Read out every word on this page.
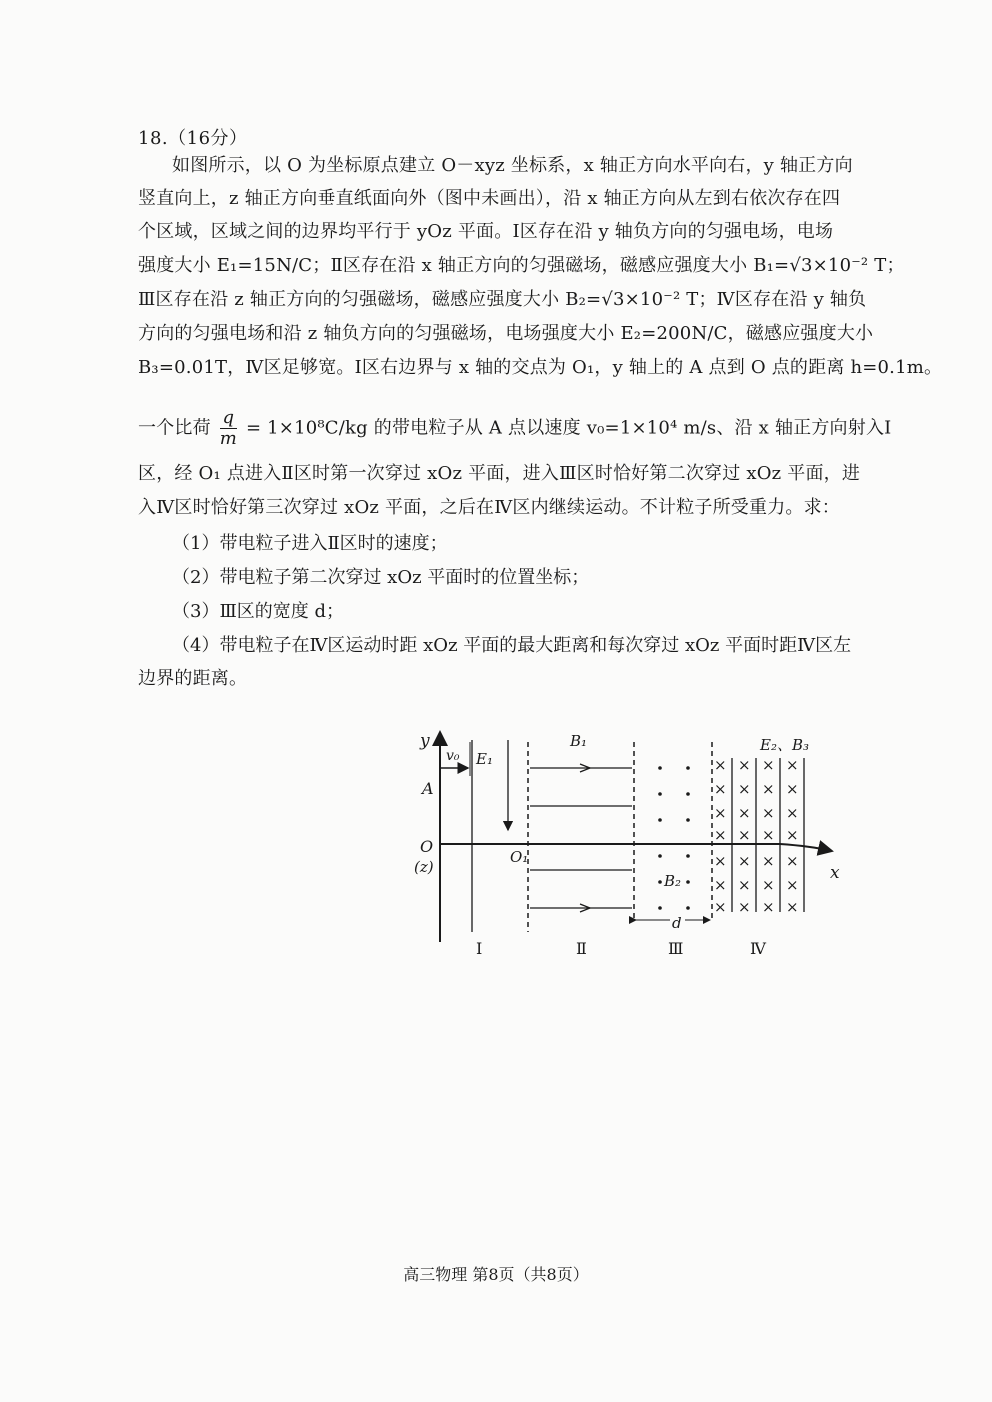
18.（16分）
如图所示，以 O 为坐标原点建立 O－xyz 坐标系，x 轴正方向水平向右，y 轴正方向
竖直向上，z 轴正方向垂直纸面向外（图中未画出），沿 x 轴正方向从左到右依次存在四
个区域，区域之间的边界均平行于 yOz 平面。Ⅰ区存在沿 y 轴负方向的匀强电场，电场
强度大小 E₁=15N/C；Ⅱ区存在沿 x 轴正方向的匀强磁场，磁感应强度大小 B₁=√3×10⁻² T；
Ⅲ区存在沿 z 轴正方向的匀强磁场，磁感应强度大小 B₂=√3×10⁻² T；Ⅳ区存在沿 y 轴负
方向的匀强电场和沿 z 轴负方向的匀强磁场，电场强度大小 E₂=200N/C，磁感应强度大小
B₃=0.01T，Ⅳ区足够宽。Ⅰ区右边界与 x 轴的交点为 O₁，y 轴上的 A 点到 O 点的距离 h=0.1m。
一个比荷 $\frac{q}{m} = 1\times 10^8C/kg$ 的带电粒子从 A 点以速度 v₀=1×10⁴ m/s、沿 x 轴正方向射入Ⅰ
区，经 O₁ 点进入Ⅱ区时第一次穿过 xOz 平面，进入Ⅲ区时恰好第二次穿过 xOz 平面，进
入Ⅳ区时恰好第三次穿过 xOz 平面，之后在Ⅳ区内继续运动。不计粒子所受重力。求：
（1）带电粒子进入Ⅱ区时的速度；
（2）带电粒子第二次穿过 xOz 平面时的位置坐标；
（3）Ⅲ区的宽度 d；
（4）带电粒子在Ⅳ区运动时距 xOz 平面的最大距离和每次穿过 xOz 平面时距Ⅳ区左
边界的距离。
y
x
O
(z)
A
v₀ E₁
O₁
B₁
B₂
d
E₂、B₃
× × × ×
× × × ×
× × × ×
× × × ×
× × × ×
× × × ×
× × × ×
Ⅰ	Ⅱ	Ⅲ	Ⅳ
高三物理 第8页（共8页）
